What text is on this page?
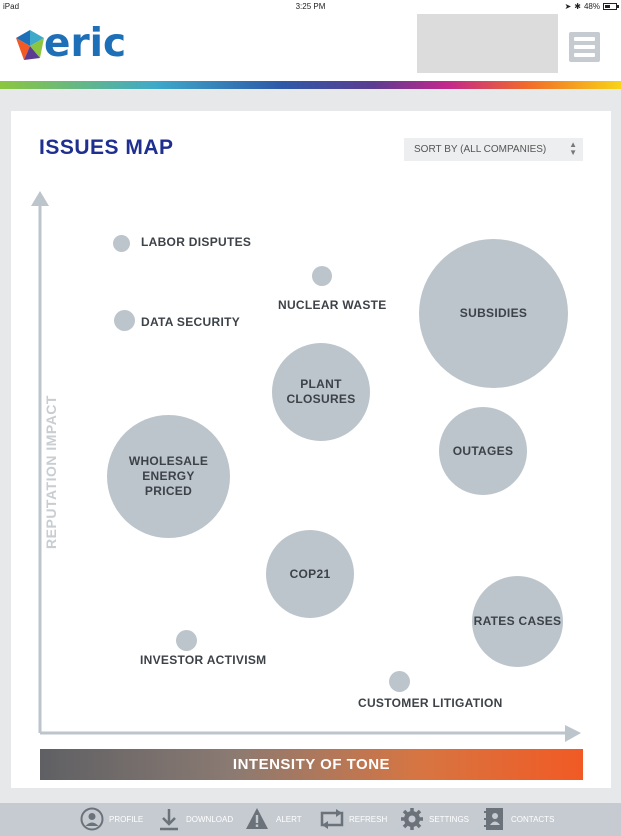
iPad	3:25 PM	➤ ✱ 48%
eric
ISSUES MAP	SORT BY (ALL COMPANIES)	▲
▼
REPUTATION IMPACT
LABOR DISPUTES
DATA SECURITY
NUCLEAR WASTE
SUBSIDIES
PLANT
CLOSURES
OUTAGES
WHOLESALE
ENERGY
PRICED
COP21
RATES CASES
INVESTOR ACTIVISM
CUSTOMER LITIGATION
INTENSITY OF TONE
PROFILE	DOWNLOAD	ALERT	REFRESH	SETTINGS	CONTACTS
